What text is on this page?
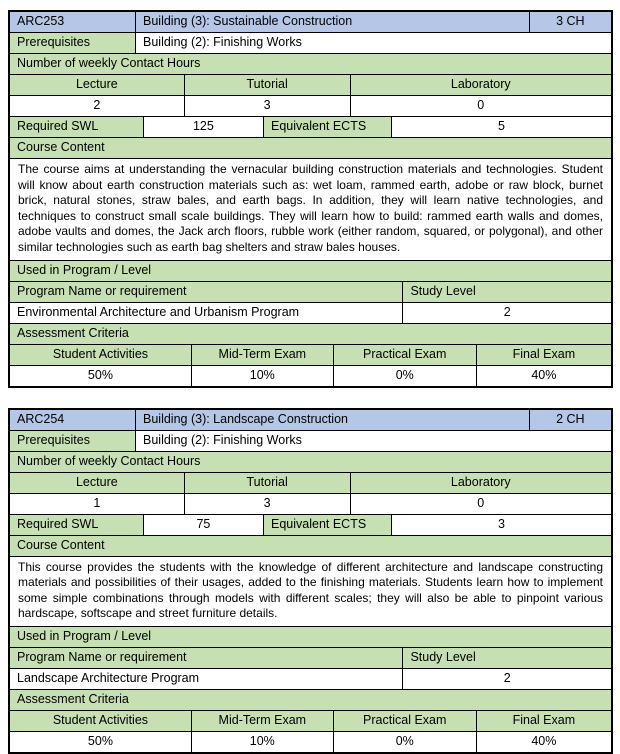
ARC253	Building (3): Sustainable Construction	3 CH
Prerequisites	Building (2): Finishing Works
Number of weekly Contact Hours
Lecture	Tutorial	Laboratory
2	3	0
Required SWL	125	Equivalent ECTS	5
Course Content
The course aims at understanding the vernacular building construction materials and technologies. Student will know about earth construction materials such as: wet loam, rammed earth, adobe or raw block, burnet brick, natural stones, straw bales, and earth bags. In addition, they will learn native technologies, and techniques to construct small scale buildings. They will learn how to build: rammed earth walls and domes, adobe vaults and domes, the Jack arch floors, rubble work (either random, squared, or polygonal), and other similar technologies such as earth bag shelters and straw bales houses.
Used in Program / Level
Program Name or requirement	Study Level
Environmental Architecture and Urbanism Program	2
Assessment Criteria
Student Activities	Mid-Term Exam	Practical Exam	Final Exam
50%	10%	0%	40%
ARC254	Building (3): Landscape Construction	2 CH
Prerequisites	Building (2): Finishing Works
Number of weekly Contact Hours
Lecture	Tutorial	Laboratory
1	3	0
Required SWL	75	Equivalent ECTS	3
Course Content
This course provides the students with the knowledge of different architecture and landscape constructing materials and possibilities of their usages, added to the finishing materials. Students learn how to implement some simple combinations through models with different scales; they will also be able to pinpoint various hardscape, softscape and street furniture details.
Used in Program / Level
Program Name or requirement	Study Level
Landscape Architecture Program	2
Assessment Criteria
Student Activities	Mid-Term Exam	Practical Exam	Final Exam
50%	10%	0%	40%
